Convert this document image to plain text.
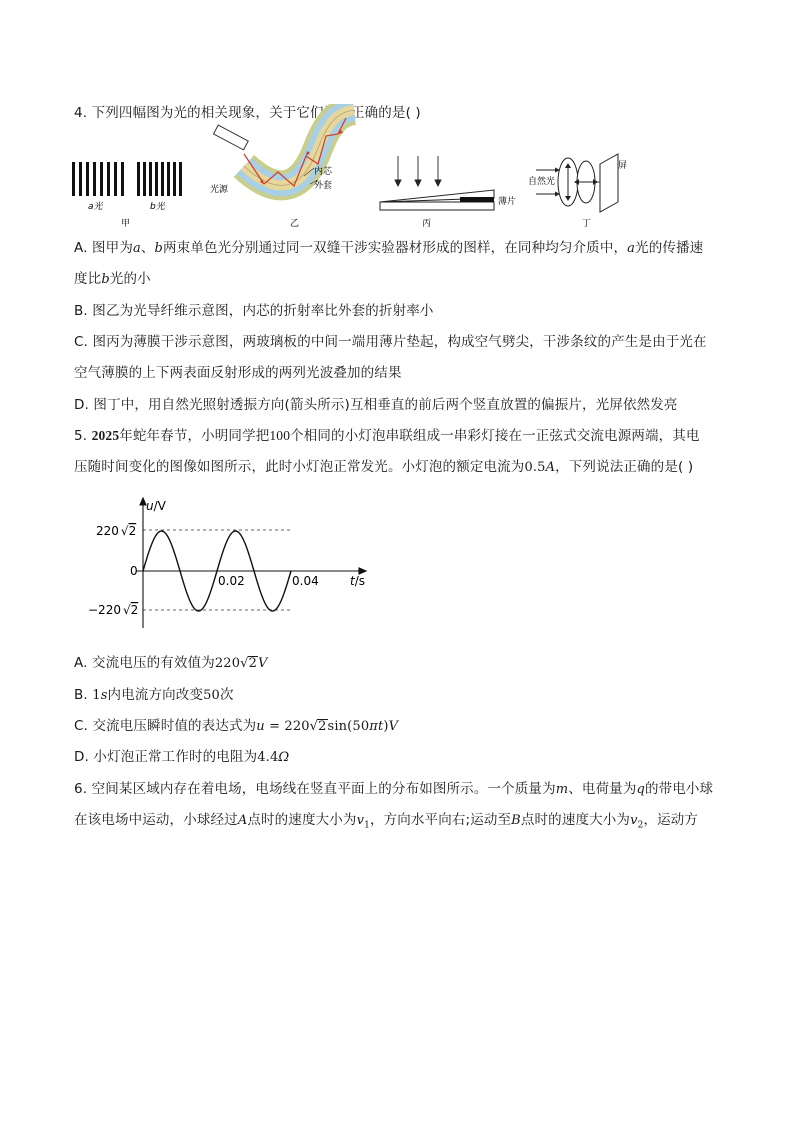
4. 下列四幅图为光的相关现象，关于它们说法正确的是( )
a光	b光
甲
内芯
外套
光源
乙
薄片
丙
自然光
屏
丁
A. 图甲为a、b两束单色光分别通过同一双缝干涉实验器材形成的图样，在同种均匀介质中，a光的传播速
度比b光的小
B. 图乙为光导纤维示意图，内芯的折射率比外套的折射率小
C. 图丙为薄膜干涉示意图，两玻璃板的中间一端用薄片垫起，构成空气劈尖，干涉条纹的产生是由于光在
空气薄膜的上下两表面反射形成的两列光波叠加的结果
D. 图丁中，用自然光照射透振方向(箭头所示)互相垂直的前后两个竖直放置的偏振片，光屏依然发亮
5. 2025年蛇年春节，小明同学把100个相同的小灯泡串联组成一串彩灯接在一正弦式交流电源两端，其电
压随时间变化的图像如图所示，此时小灯泡正常发光。小灯泡的额定电流为0.5A，下列说法正确的是( )
u/V
t/s
220 √2
0
−220 √2
0.02	0.04
A. 交流电压的有效值为220√2V
B. 1s内电流方向改变50次
C. 交流电压瞬时值的表达式为u = 220√2sin(50πt)V
D. 小灯泡正常工作时的电阻为4.4Ω
6. 空间某区域内存在着电场，电场线在竖直平面上的分布如图所示。一个质量为m、电荷量为q的带电小球
在该电场中运动，小球经过A点时的速度大小为$v_1$，方向水平向右;运动至B点时的速度大小为$v_2$，运动方
